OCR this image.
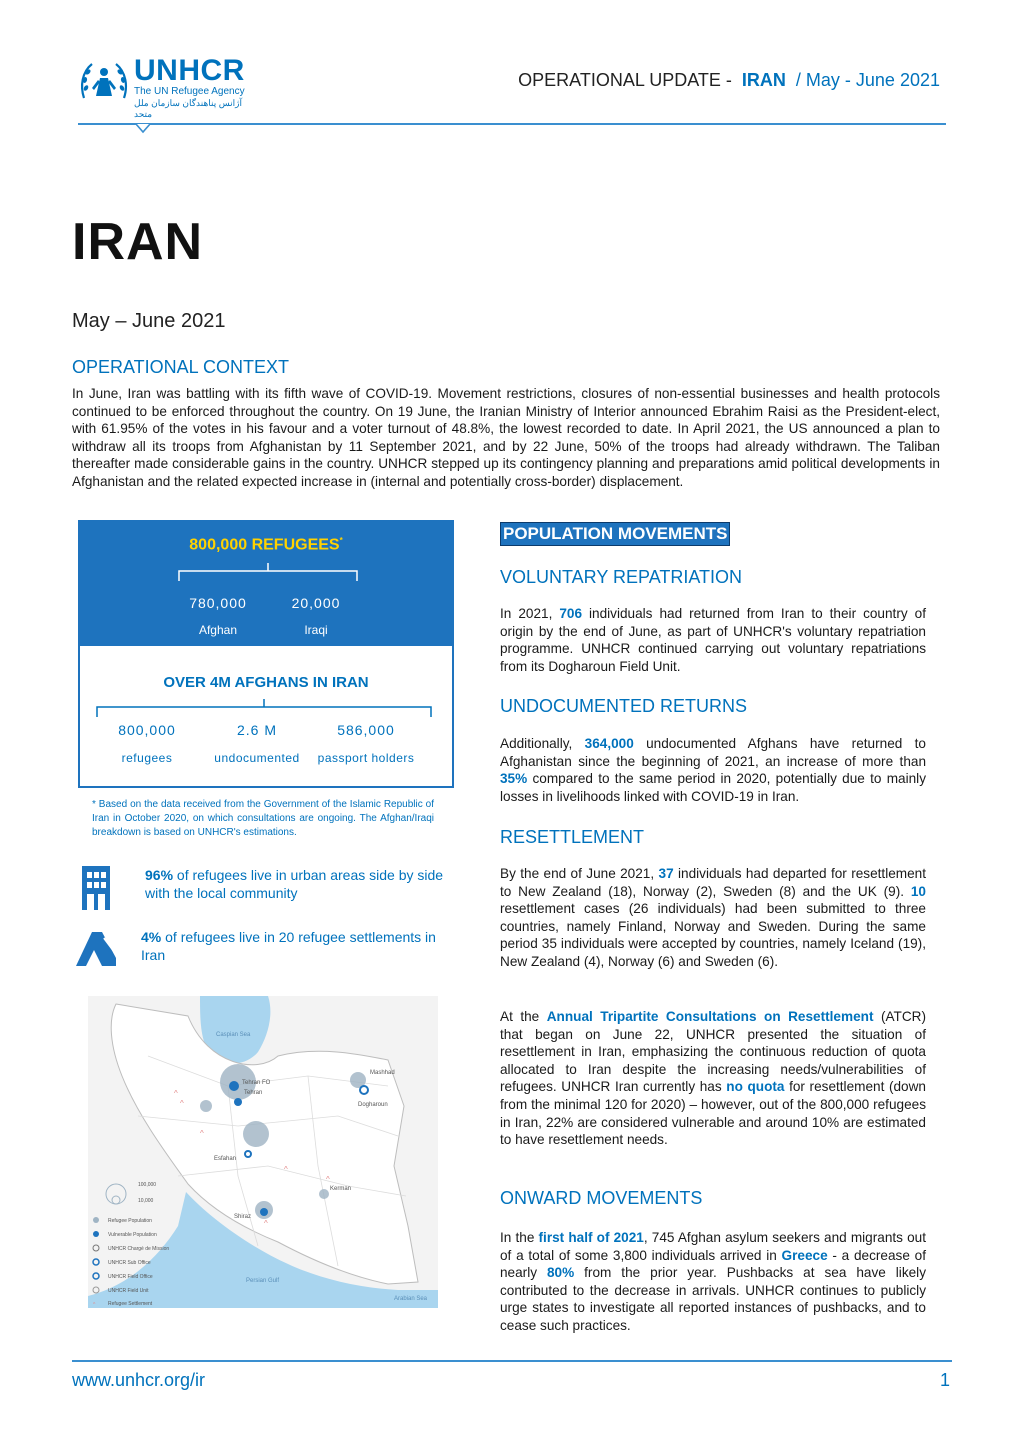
UNHCR
The UN Refugee Agency
آژانس پناهندگان سازمان ملل متحد
OPERATIONAL UPDATE - IRAN / May - June 2021
IRAN
May – June 2021
OPERATIONAL CONTEXT
In June, Iran was battling with its fifth wave of COVID-19. Movement restrictions, closures of non-essential businesses and health protocols continued to be enforced throughout the country. On 19 June, the Iranian Ministry of Interior announced Ebrahim Raisi as the President-elect, with 61.95% of the votes in his favour and a voter turnout of 48.8%, the lowest recorded to date. In April 2021, the US announced a plan to withdraw all its troops from Afghanistan by 11 September 2021, and by 22 June, 50% of the troops had already withdrawn. The Taliban thereafter made considerable gains in the country. UNHCR stepped up its contingency planning and preparations amid political developments in Afghanistan and the related expected increase in (internal and potentially cross-border) displacement.
800,000 REFUGEES*
780,000
Afghan
20,000
Iraqi
OVER 4M AFGHANS IN IRAN
800,000
refugees
2.6 M
undocumented
586,000
passport holders
* Based on the data received from the Government of the Islamic Republic of Iran in October 2020, on which consultations are ongoing. The Afghan/Iraqi breakdown is based on UNHCR's estimations.
96% of refugees live in urban areas side by side with the local community
4% of refugees live in 20 refugee settlements in Iran
^
^
^
^
^
^
Caspian Sea
Tehran FO
Tehran
Mashhad
Dogharoun
Esfahan
Kerman
Shiraz
Persian Gulf
Arabian Sea
100,000
10,000
Refugee Population
Vulnerable Population
UNHCR Chargé de Mission
UNHCR Sub Office
UNHCR Field Office
UNHCR Field Unit
^	Refugee Settlement
POPULATION MOVEMENTS
VOLUNTARY REPATRIATION
In 2021, 706 individuals had returned from Iran to their country of origin by the end of June, as part of UNHCR's voluntary repatriation programme. UNHCR continued carrying out voluntary repatriations from its Dogharoun Field Unit.
UNDOCUMENTED RETURNS
Additionally, 364,000 undocumented Afghans have returned to Afghanistan since the beginning of 2021, an increase of more than 35% compared to the same period in 2020, potentially due to mainly losses in livelihoods linked with COVID-19 in Iran.
RESETTLEMENT
By the end of June 2021, 37 individuals had departed for resettlement to New Zealand (18), Norway (2), Sweden (8) and the UK (9). 10 resettlement cases (26 individuals) had been submitted to three countries, namely Finland, Norway and Sweden. During the same period 35 individuals were accepted by countries, namely Iceland (19), New Zealand (4), Norway (6) and Sweden (6).
At the Annual Tripartite Consultations on Resettlement (ATCR) that began on June 22, UNHCR presented the situation of resettlement in Iran, emphasizing the continuous reduction of quota allocated to Iran despite the increasing needs/vulnerabilities of refugees. UNHCR Iran currently has no quota for resettlement (down from the minimal 120 for 2020) – however, out of the 800,000 refugees in Iran, 22% are considered vulnerable and around 10% are estimated to have resettlement needs.
ONWARD MOVEMENTS
In the first half of 2021, 745 Afghan asylum seekers and migrants out of a total of some 3,800 individuals arrived in Greece - a decrease of nearly 80% from the prior year. Pushbacks at sea have likely contributed to the decrease in arrivals. UNHCR continues to publicly urge states to investigate all reported instances of pushbacks, and to cease such practices.
www.unhcr.org/ir	1
